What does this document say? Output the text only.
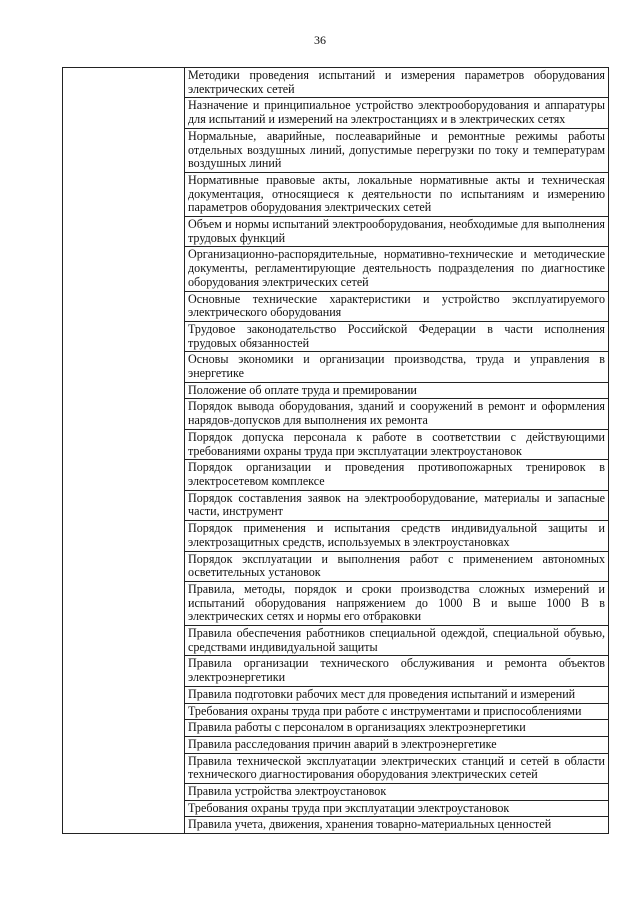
36
	Методики проведения испытаний и измерения параметров оборудования электрических сетей
Назначение и принципиальное устройство электрооборудования и аппаратуры для испытаний и измерений на электростанциях и в электрических сетях
Нормальные, аварийные, послеаварийные и ремонтные режимы работы отдельных воздушных линий, допустимые перегрузки по току и температурам воздушных линий
Нормативные правовые акты, локальные нормативные акты и техническая документация, относящиеся к деятельности по испытаниям и измерению параметров оборудования электрических сетей
Объем и нормы испытаний электрооборудования, необходимые для выполнения трудовых функций
Организационно-распорядительные, нормативно-технические и методические документы, регламентирующие деятельность подразделения по диагностике оборудования электрических сетей
Основные технические характеристики и устройство эксплуатируемого электрического оборудования
Трудовое законодательство Российской Федерации в части исполнения трудовых обязанностей
Основы экономики и организации производства, труда и управления в энергетике
Положение об оплате труда и премировании
Порядок вывода оборудования, зданий и сооружений в ремонт и оформления нарядов-допусков для выполнения их ремонта
Порядок допуска персонала к работе в соответствии с действующими требованиями охраны труда при эксплуатации электроустановок
Порядок организации и проведения противопожарных тренировок в электросетевом комплексе
Порядок составления заявок на электрооборудование, материалы и запасные части, инструмент
Порядок применения и испытания средств индивидуальной защиты и электрозащитных средств, используемых в электроустановках
Порядок эксплуатации и выполнения работ с применением автономных осветительных установок
Правила, методы, порядок и сроки производства сложных измерений и испытаний оборудования напряжением до 1000 В и выше 1000 В в электрических сетях и нормы его отбраковки
Правила обеспечения работников специальной одеждой, специальной обувью, средствами индивидуальной защиты
Правила организации технического обслуживания и ремонта объектов электроэнергетики
Правила подготовки рабочих мест для проведения испытаний и измерений
Требования охраны труда при работе с инструментами и приспособлениями
Правила работы с персоналом в организациях электроэнергетики
Правила расследования причин аварий в электроэнергетике
Правила технической эксплуатации электрических станций и сетей в области технического диагностирования оборудования электрических сетей
Правила устройства электроустановок
Требования охраны труда при эксплуатации электроустановок
Правила учета, движения, хранения товарно-материальных ценностей
